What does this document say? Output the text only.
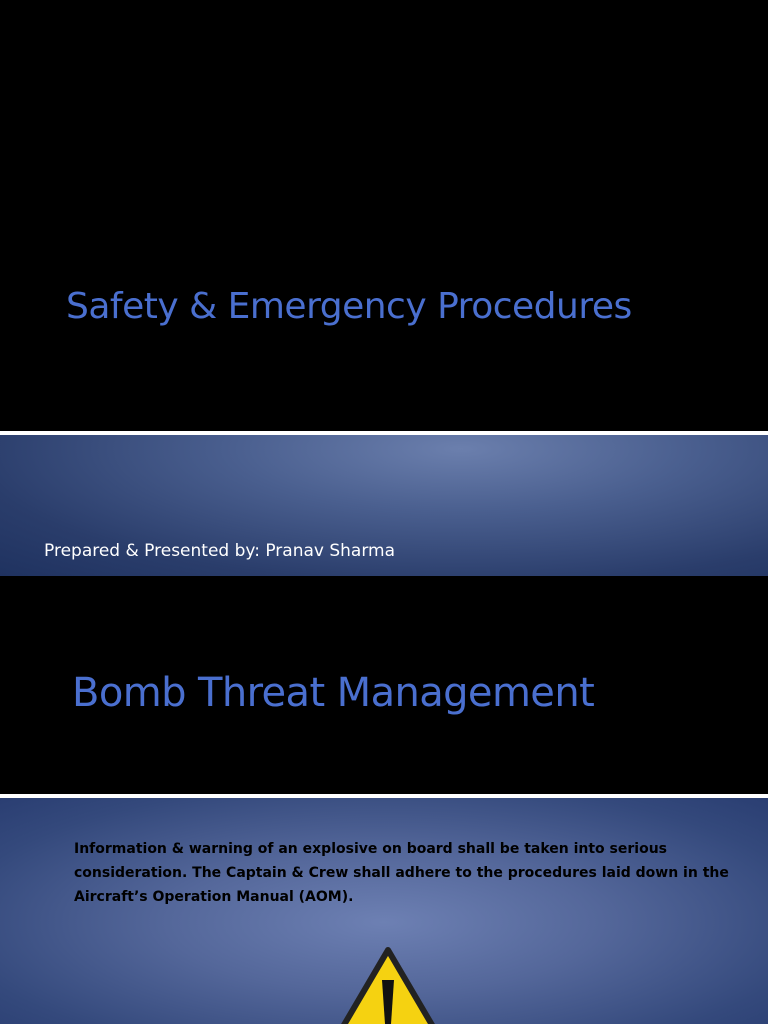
Safety & Emergency Procedures

Prepared & Presented by: Pranav Sharma

Bomb Threat Management

Information & warning of an explosive on board shall be taken into serious consideration. The Captain & Crew shall adhere to the procedures laid down in the Aircraft’s Operation Manual (AOM).
